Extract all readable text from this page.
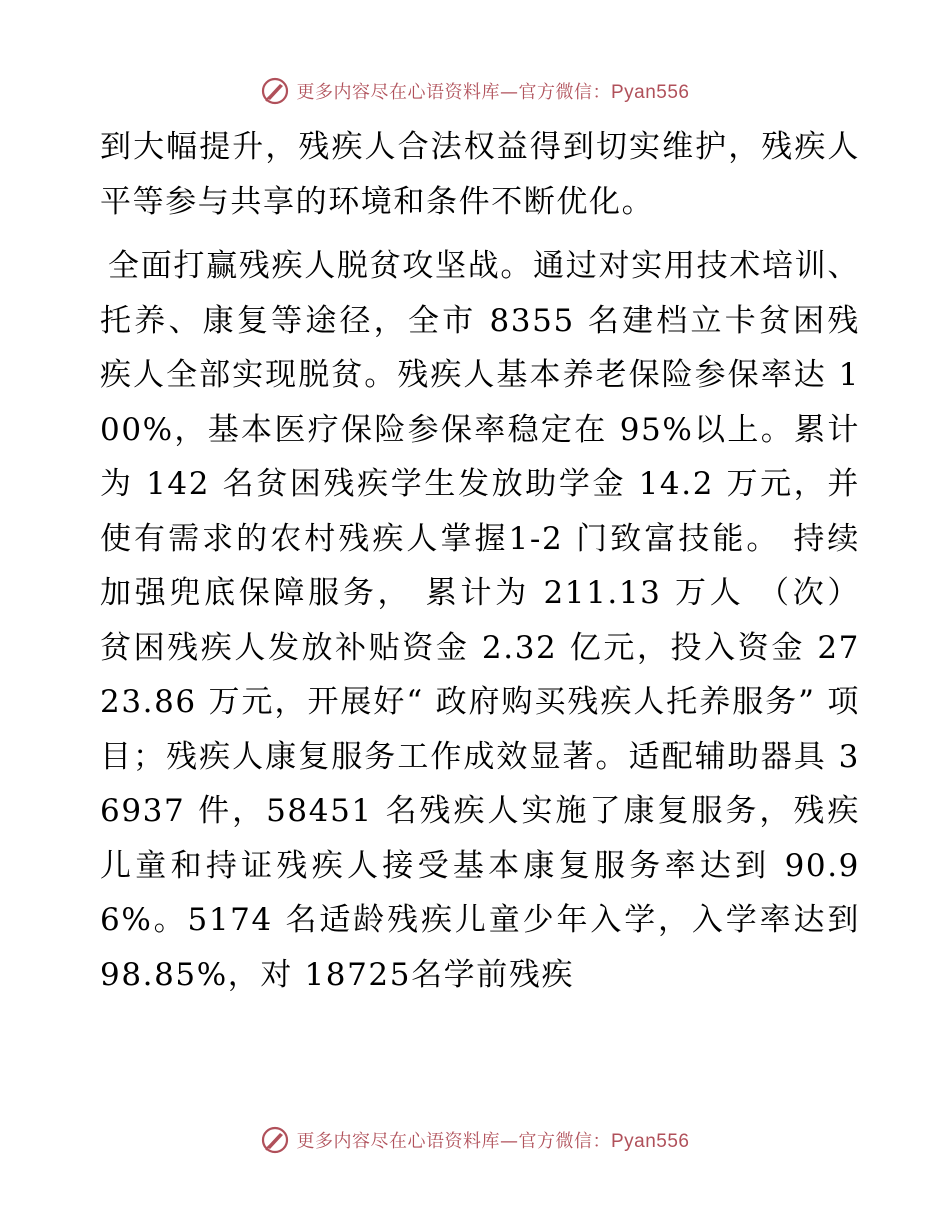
更多内容尽在心语资料库—官方微信：Pyan556

到大幅提升，残疾人合法权益得到切实维护，残疾人平等参与共享的环境和条件不断优化。

全面打赢残疾人脱贫攻坚战。通过对实用技术培训、托养、康复等途径，全市 8355 名建档立卡贫困残疾人全部实现脱贫。残疾人基本养老保险参保率达 100%，基本医疗保险参保率稳定在 95%以上。累计为 142 名贫困残疾学生发放助学金 14.2 万元，并使有需求的农村残疾人掌握1-2 门致富技能。 持续加强兜底保障服务， 累计为 211.13 万人 （次） 贫困残疾人发放补贴资金 2.32 亿元，投入资金 2723.86 万元，开展好“ 政府购买残疾人托养服务” 项目；残疾人康复服务工作成效显著。适配辅助器具 36937 件，58451 名残疾人实施了康复服务，残疾儿童和持证残疾人接受基本康复服务率达到 90.96%。5174 名适龄残疾儿童少年入学，入学率达到 98.85%，对 18725名学前残疾

更多内容尽在心语资料库—官方微信：Pyan556
